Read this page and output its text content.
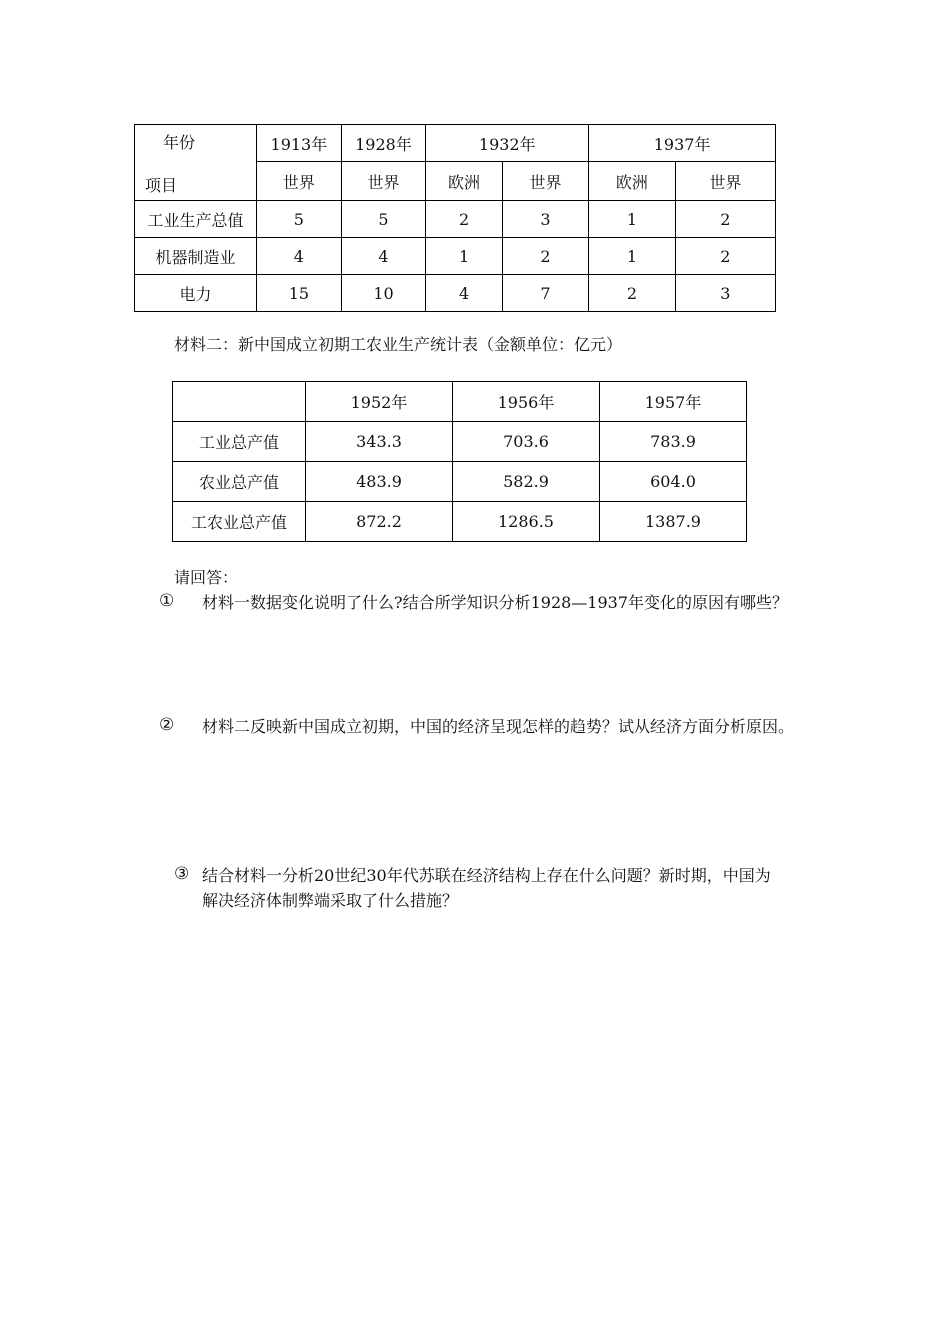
年份
项目	1913年	1928年	1932年		1937年	
	世界	世界	欧洲	世界	欧洲	世界
工业生产总值	5	5	2	3	1	2
机器制造业	4	4	1	2	1	2
电力	15	10	4	7	2	3
材料二：新中国成立初期工农业生产统计表（金额单位：亿元）
	1952年	1956年	1957年
工业总产值	343.3	703.6	783.9
农业总产值	483.9	582.9	604.0
工农业总产值	872.2	1286.5	1387.9
请回答：
① 材料一数据变化说明了什么?结合所学知识分析1928—1937年变化的原因有哪些？
② 材料二反映新中国成立初期，中国的经济呈现怎样的趋势？试从经济方面分析原因。
③ 结合材料一分析20世纪30年代苏联在经济结构上存在什么问题？新时期，中国为
解决经济体制弊端采取了什么措施？
